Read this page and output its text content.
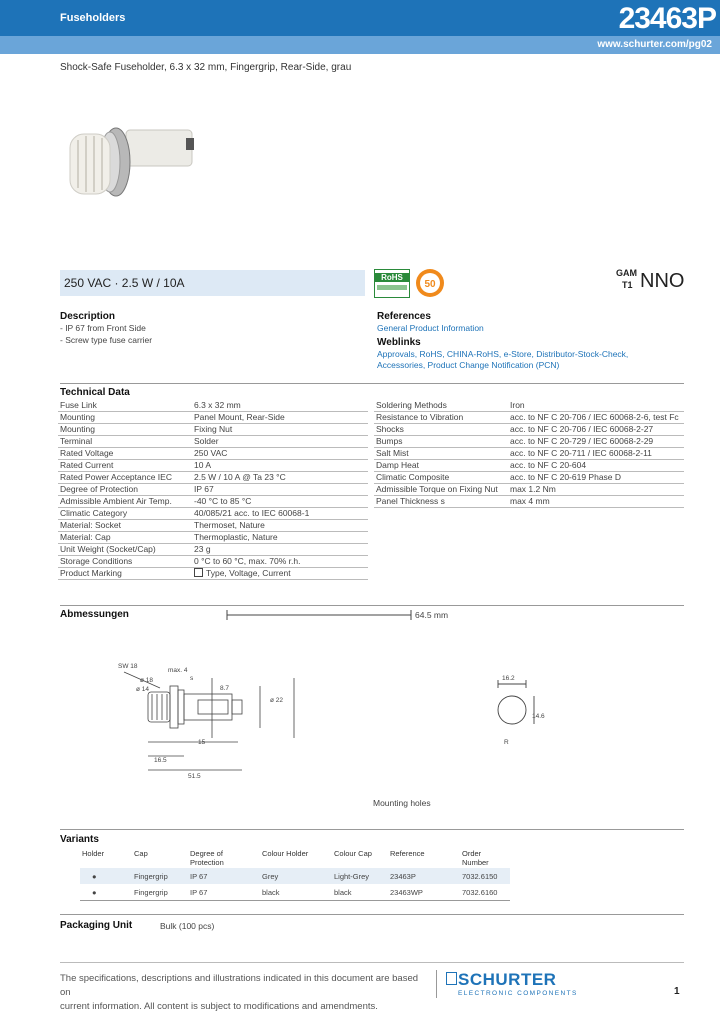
Fuseholders	23463P
www.schurter.com/pg02
Shock-Safe Fuseholder, 6.3 x 32 mm, Fingergrip, Rear-Side, grau
250 VAC · 2.5 W / 10A	RoHS
50
GAM
T1 NNO
Description
- IP 67 from Front Side
- Screw type fuse carrier
References
General Product Information
Weblinks
Approvals, RoHS, CHINA-RoHS, e-Store, Distributor-Stock-Check,
Accessories, Product Change Notification (PCN)
Technical Data
Fuse Link	6.3 x 32 mm
Mounting	Panel Mount, Rear-Side
Mounting	Fixing Nut
Terminal	Solder
Rated Voltage	250 VAC
Rated Current	10 A
Rated Power Acceptance IEC	2.5 W / 10 A @ Ta 23 °C
Degree of Protection	IP 67
Admissible Ambient Air Temp.	-40 °C to 85 °C
Climatic Category	40/085/21 acc. to IEC 60068-1
Material: Socket	Thermoset, Nature
Material: Cap	Thermoplastic, Nature
Unit Weight (Socket/Cap)	23 g
Storage Conditions	0 °C to 60 °C, max. 70% r.h.
Product Marking	Type, Voltage, Current
Soldering Methods	Iron
Resistance to Vibration	acc. to NF C 20-706 / IEC 60068-2-6, test Fc
Shocks	acc. to NF C 20-706 / IEC 60068-2-27
Bumps	acc. to NF C 20-729 / IEC 60068-2-29
Salt Mist	acc. to NF C 20-711 / IEC 60068-2-11
Damp Heat	acc. to NF C 20-604
Climatic Composite	acc. to NF C 20-619 Phase D
Admissible Torque on Fixing Nut	max 1.2 Nm
Panel Thickness s	max 4 mm
Abmessungen	64.5 mm
SW 18
max. 4
s
ø 18
ø 14	8.7
ø 22
15
16.5
51.5
16.2
14.6
R
Mounting holes
Variants
Holder	Cap	Degree of Protection	Colour Holder	Colour Cap	Reference	Order Number
●	Fingergrip	IP 67	Grey	Light-Grey	23463P	7032.6150
●	Fingergrip	IP 67	black	black	23463WP	7032.6160
Packaging Unit	Bulk (100 pcs)
The specifications, descriptions and illustrations indicated in this document are based on
current information. All content is subject to modifications and amendments.
SCHURTER
ELECTRONIC COMPONENTS	1
